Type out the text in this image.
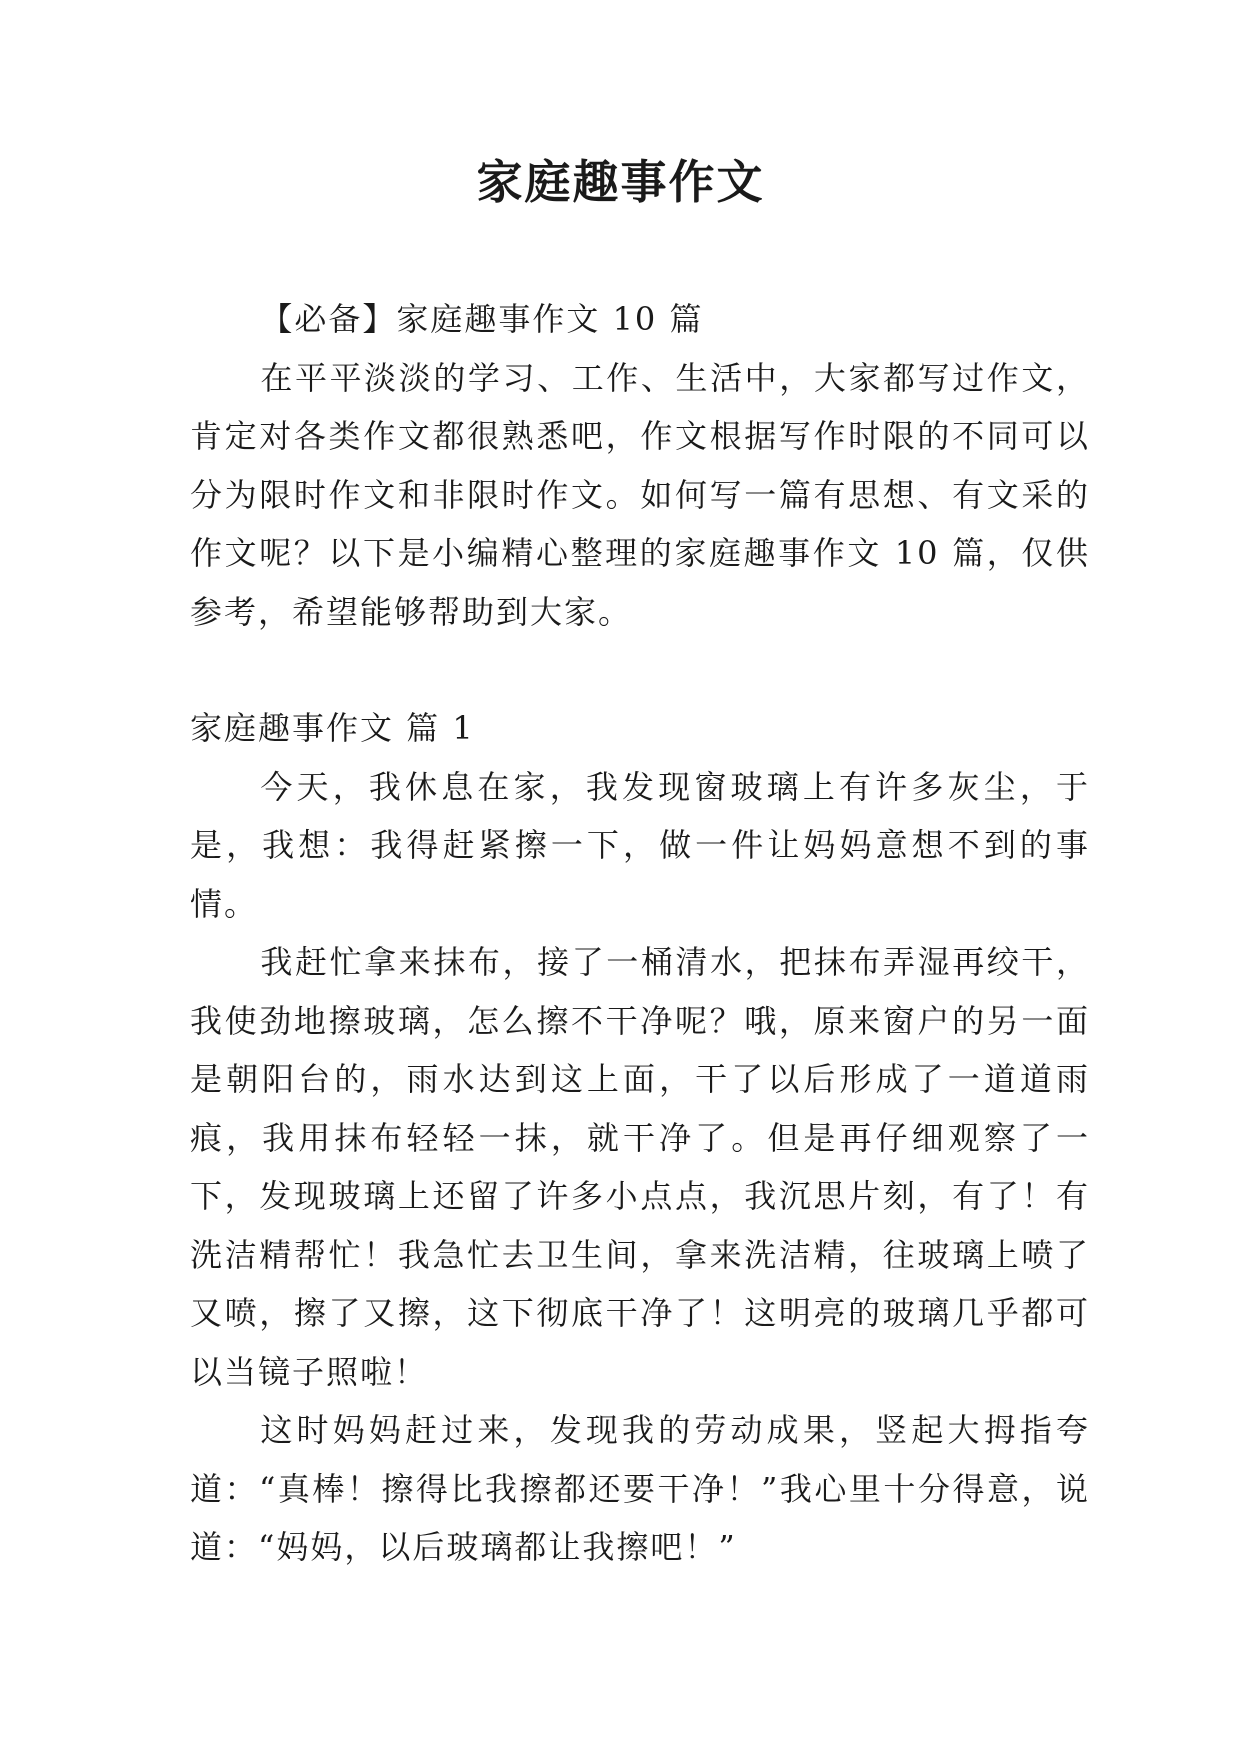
家庭趣事作文

【必备】家庭趣事作文 10 篇

在平平淡淡的学习、工作、生活中，大家都写过作文，肯定对各类作文都很熟悉吧，作文根据写作时限的不同可以分为限时作文和非限时作文。如何写一篇有思想、有文采的作文呢？以下是小编精心整理的家庭趣事作文 10 篇，仅供参考，希望能够帮助到大家。

家庭趣事作文 篇 1

今天，我休息在家，我发现窗玻璃上有许多灰尘，于是，我想：我得赶紧擦一下，做一件让妈妈意想不到的事情。

我赶忙拿来抹布，接了一桶清水，把抹布弄湿再绞干，我使劲地擦玻璃，怎么擦不干净呢？哦，原来窗户的另一面是朝阳台的，雨水达到这上面，干了以后形成了一道道雨痕，我用抹布轻轻一抹，就干净了。但是再仔细观察了一下，发现玻璃上还留了许多小点点，我沉思片刻，有了！有洗洁精帮忙！我急忙去卫生间，拿来洗洁精，往玻璃上喷了又喷，擦了又擦，这下彻底干净了！这明亮的玻璃几乎都可以当镜子照啦！

这时妈妈赶过来，发现我的劳动成果，竖起大拇指夸道：“真棒！擦得比我擦都还要干净！”我心里十分得意，说道：“妈妈，以后玻璃都让我擦吧！”
